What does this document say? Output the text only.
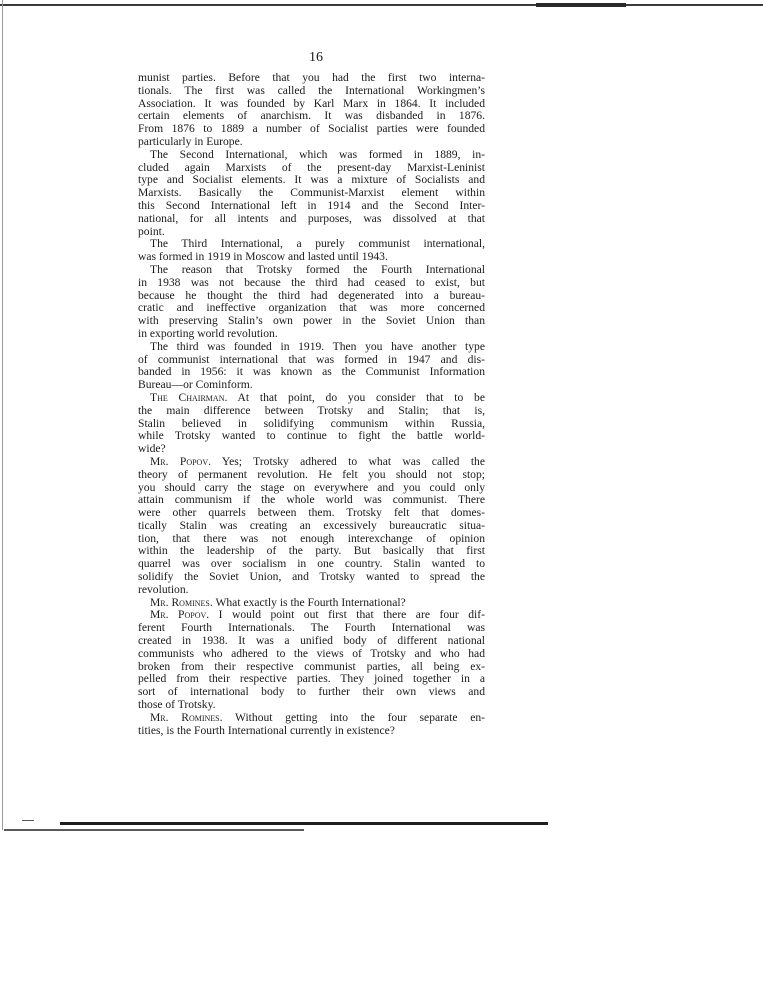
16
munist parties. Before that you had the first two interna-
tionals. The first was called the International Workingmen’s
Association. It was founded by Karl Marx in 1864. It included
certain elements of anarchism. It was disbanded in 1876.
From 1876 to 1889 a number of Socialist parties were founded
particularly in Europe.
The Second International, which was formed in 1889, in-
cluded again Marxists of the present-day Marxist-Leninist
type and Socialist elements. It was a mixture of Socialists and
Marxists. Basically the Communist-Marxist element within
this Second International left in 1914 and the Second Inter-
national, for all intents and purposes, was dissolved at that
point.
The Third International, a purely communist international,
was formed in 1919 in Moscow and lasted until 1943.
The reason that Trotsky formed the Fourth International
in 1938 was not because the third had ceased to exist, but
because he thought the third had degenerated into a bureau-
cratic and ineffective organization that was more concerned
with preserving Stalin’s own power in the Soviet Union than
in exporting world revolution.
The third was founded in 1919. Then you have another type
of communist international that was formed in 1947 and dis-
banded in 1956: it was known as the Communist Information
Bureau—or Cominform.
The Chairman. At that point, do you consider that to be
the main difference between Trotsky and Stalin; that is,
Stalin believed in solidifying communism within Russia,
while Trotsky wanted to continue to fight the battle world-
wide?
Mr. Popov. Yes; Trotsky adhered to what was called the
theory of permanent revolution. He felt you should not stop;
you should carry the stage on everywhere and you could only
attain communism if the whole world was communist. There
were other quarrels between them. Trotsky felt that domes-
tically Stalin was creating an excessively bureaucratic situa-
tion, that there was not enough interexchange of opinion
within the leadership of the party. But basically that first
quarrel was over socialism in one country. Stalin wanted to
solidify the Soviet Union, and Trotsky wanted to spread the
revolution.
Mr. Romines. What exactly is the Fourth International?
Mr. Popov. I would point out first that there are four dif-
ferent Fourth Internationals. The Fourth International was
created in 1938. It was a unified body of different national
communists who adhered to the views of Trotsky and who had
broken from their respective communist parties, all being ex-
pelled from their respective parties. They joined together in a
sort of international body to further their own views and
those of Trotsky.
Mr. Romines. Without getting into the four separate en-
tities, is the Fourth International currently in existence?
